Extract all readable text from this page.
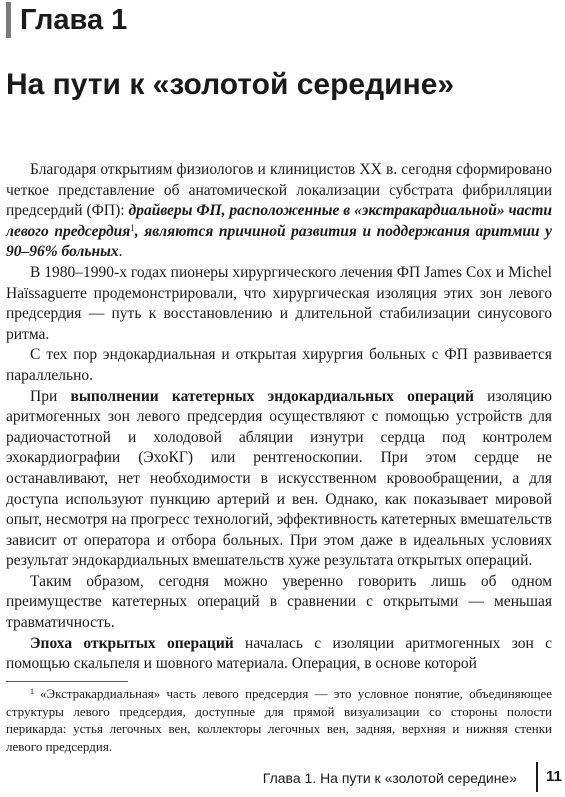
Глава 1
На пути к «золотой середине»

Благодаря открытиям физиологов и клиницистов XX в. сегодня сформировано четкое представление об анатомической локализации субстрата фибрилляции предсердий (ФП): драйверы ФП, расположенные в «экстракардиальной» части левого предсердия$^1$, являются причиной развития и поддержания аритмии у 90–96% больных.

В 1980–1990-х годах пионеры хирургического лечения ФП James Cox и Michel Haïssaguerre продемонстрировали, что хирургическая изоляция этих зон левого предсердия — путь к восстановлению и длительной стабилизации синусового ритма.

С тех пор эндокардиальная и открытая хирургия больных с ФП развивается параллельно.

При выполнении катетерных эндокардиальных операций изоляцию аритмогенных зон левого предсердия осуществляют с помощью устройств для радиочастотной и холодовой абляции изнутри сердца под контролем эхокардиографии (ЭхоКГ) или рентгеноскопии. При этом сердце не останавливают, нет необходимости в искусственном кровообращении, а для доступа используют пункцию артерий и вен. Однако, как показывает мировой опыт, несмотря на прогресс технологий, эффективность катетерных вмешательств зависит от оператора и отбора больных. При этом даже в идеальных условиях результат эндокардиальных вмешательств хуже результата открытых операций.

Таким образом, сегодня можно уверенно говорить лишь об одном преимуществе катетерных операций в сравнении с открытыми — меньшая травматичность.

Эпоха открытых операций началась с изоляции аритмогенных зон с помощью скальпеля и шовного материала. Операция, в основе которой

$^1$ «Экстракардиальная» часть левого предсердия — это условное понятие, объединяющее структуры левого предсердия, доступные для прямой визуализации со стороны полости перикарда: устья легочных вен, коллекторы легочных вен, задняя, верхняя и нижняя стенки левого предсердия.

Глава 1. На пути к «золотой середине» 11
